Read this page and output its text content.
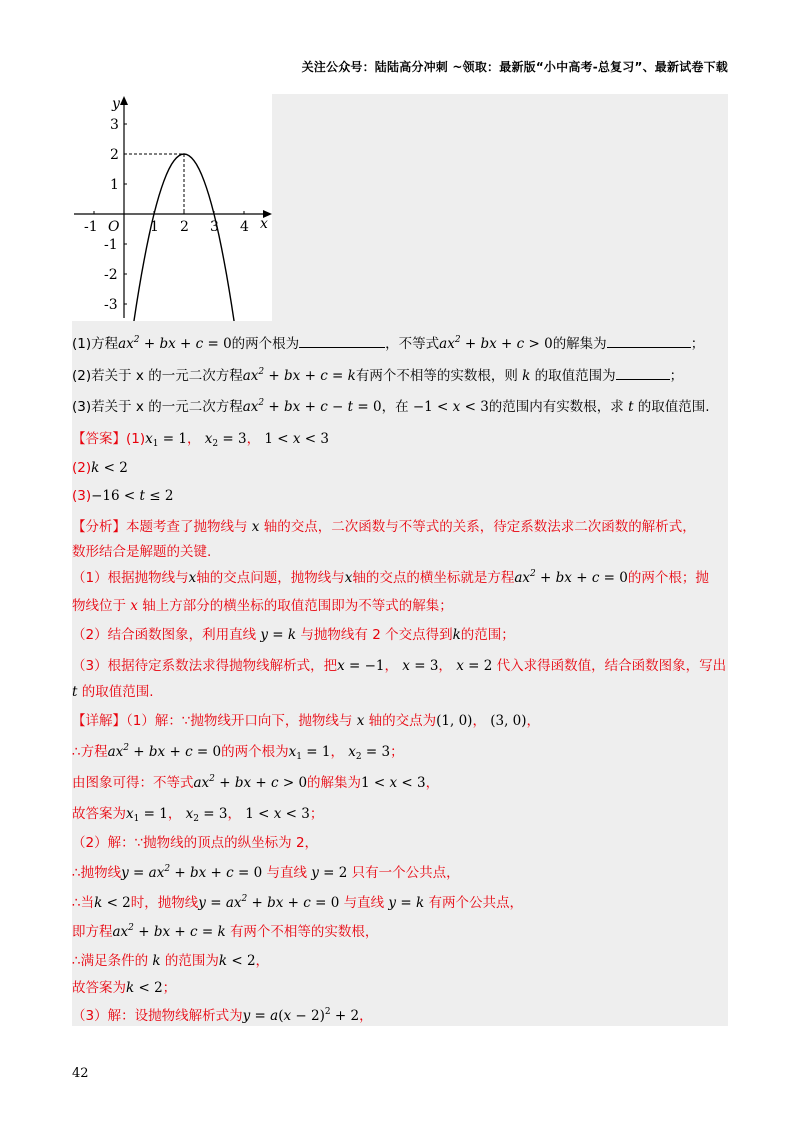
关注公众号：陆陆高分冲刺 ~领取：最新版“小中高考-总复习”、最新试卷下载
y
x
O
3
2
1
-1
-2
-3
-1	1 2 3 4
(1)方程$ax^2$ + bx + c = 0的两个根为	，不等式$ax^2$ + bx + c > 0的解集为	；
(2)若关于 x 的一元二次方程$ax^2$ + bx + c = k有两个不相等的实数根，则 k 的取值范围为	；
(3)若关于 x 的一元二次方程$ax^2$ + bx + c − t = 0，在 −1 < x < 3的范围内有实数根，求 t 的取值范围.
【答案】$(1)x_1 = 1$， $x_2 = 3$， 1 < x < 3
(2)k < 2
(3)−16 < t ≤ 2
【分析】本题考查了抛物线与 x 轴的交点，二次函数与不等式的关系，待定系数法求二次函数的解析式，
数形结合是解题的关键.
（1）根据抛物线与x轴的交点问题，抛物线与x轴的交点的横坐标就是方程$ax^2$ + bx + c = 0的两个根；抛
物线位于 x 轴上方部分的横坐标的取值范围即为不等式的解集；
（2）结合函数图象，利用直线 y = k 与抛物线有 2 个交点得到k的范围；
（3）根据待定系数法求得抛物线解析式，把x = −1， x = 3， x = 2 代入求得函数值，结合函数图象，写出
t 的取值范围.
【详解】（1）解：∵抛物线开口向下，抛物线与 x 轴的交点为(1, 0)， (3, 0)，
∴方程$ax^2$ + bx + c = 0的两个根为$x_1 = 1$， $x_2 = 3$；
由图象可得：不等式$ax^2$ + bx + c > 0的解集为1 < x < 3，
故答案为$x_1 = 1$， $x_2 = 3$， 1 < x < 3；
（2）解：∵抛物线的顶点的纵坐标为 2，
∴抛物线$y = ax^2$ + bx + c = 0 与直线 y = 2 只有一个公共点，
∴当k < 2时，抛物线$y = ax^2$ + bx + c = 0 与直线 y = k 有两个公共点，
即方程$ax^2$ + bx + c = k 有两个不相等的实数根，
∴满足条件的 k 的范围为k < 2，
故答案为k < 2；
（3）解：设抛物线解析式为$y = a(x - 2)^2 + 2$，
42
